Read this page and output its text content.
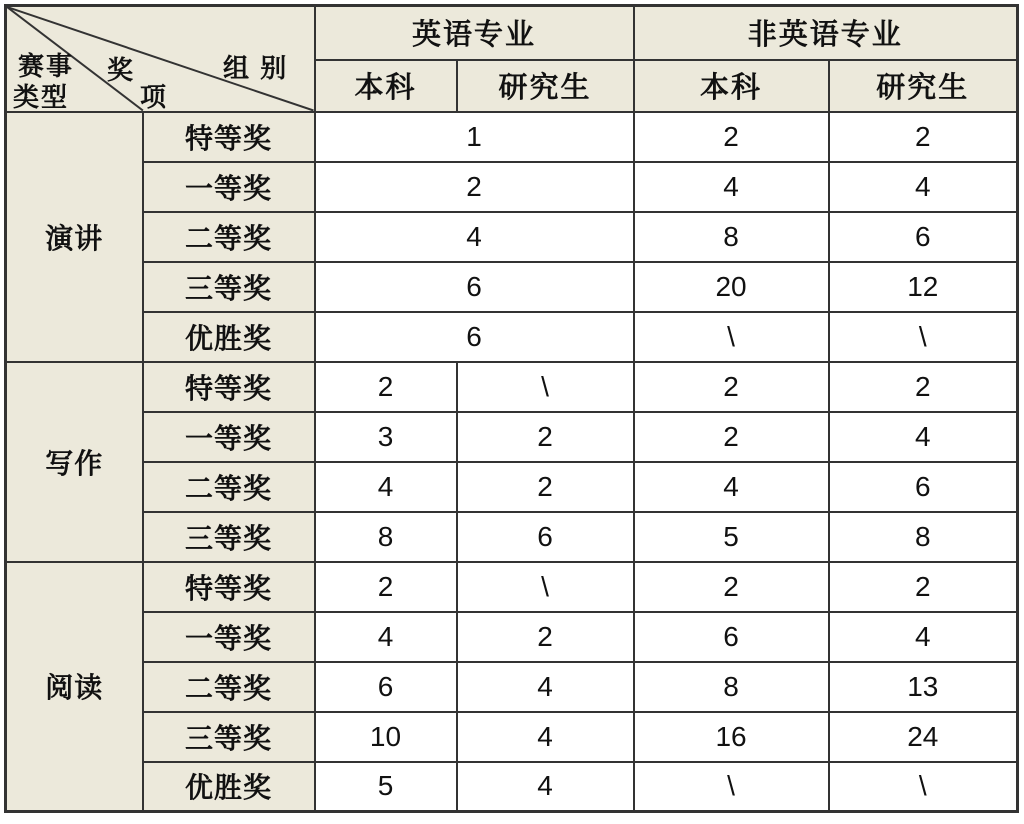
赛事
类型
奖
项
组 别		英语专业		非英语专业	
		本科	研究生	本科	研究生
演讲	特等奖	1		2	2
	一等奖	2		4	4
	二等奖	4		8	6
	三等奖	6		20	12
	优胜奖	6		\	\
写作	特等奖	2	\	2	2
	一等奖	3	2	2	4
	二等奖	4	2	4	6
	三等奖	8	6	5	8
阅读	特等奖	2	\	2	2
	一等奖	4	2	6	4
	二等奖	6	4	8	13
	三等奖	10	4	16	24
	优胜奖	5	4	\	\
